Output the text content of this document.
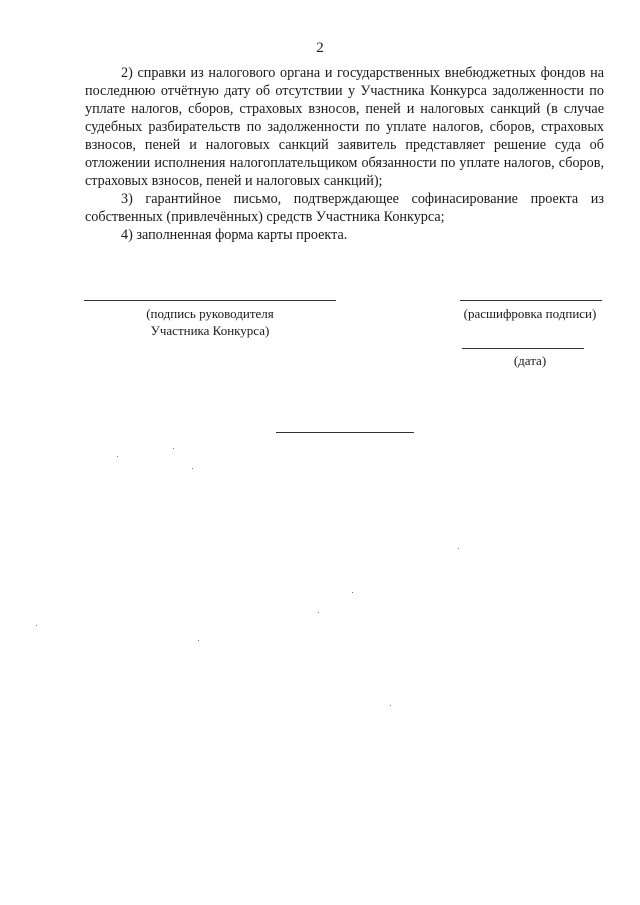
2

2) справки из налогового органа и государственных внебюджетных фондов на последнюю отчётную дату об отсутствии у Участника Конкурса задолженности по уплате налогов, сборов, страховых взносов, пеней и налоговых санкций (в случае судебных разбирательств по задолженности по уплате налогов, сборов, страховых взносов, пеней и налоговых санкций заявитель представляет решение суда об отложении исполнения налогоплательщиком обязанности по уплате налогов, сборов, страховых взносов, пеней и налоговых санкций);

3) гарантийное письмо, подтверждающее софинасирование проекта из собственных (привлечённых) средств Участника Конкурса;

4) заполненная форма карты проекта.

(подпись руководителя
Участника Конкурса)
(расшифровка подписи)
(дата)
